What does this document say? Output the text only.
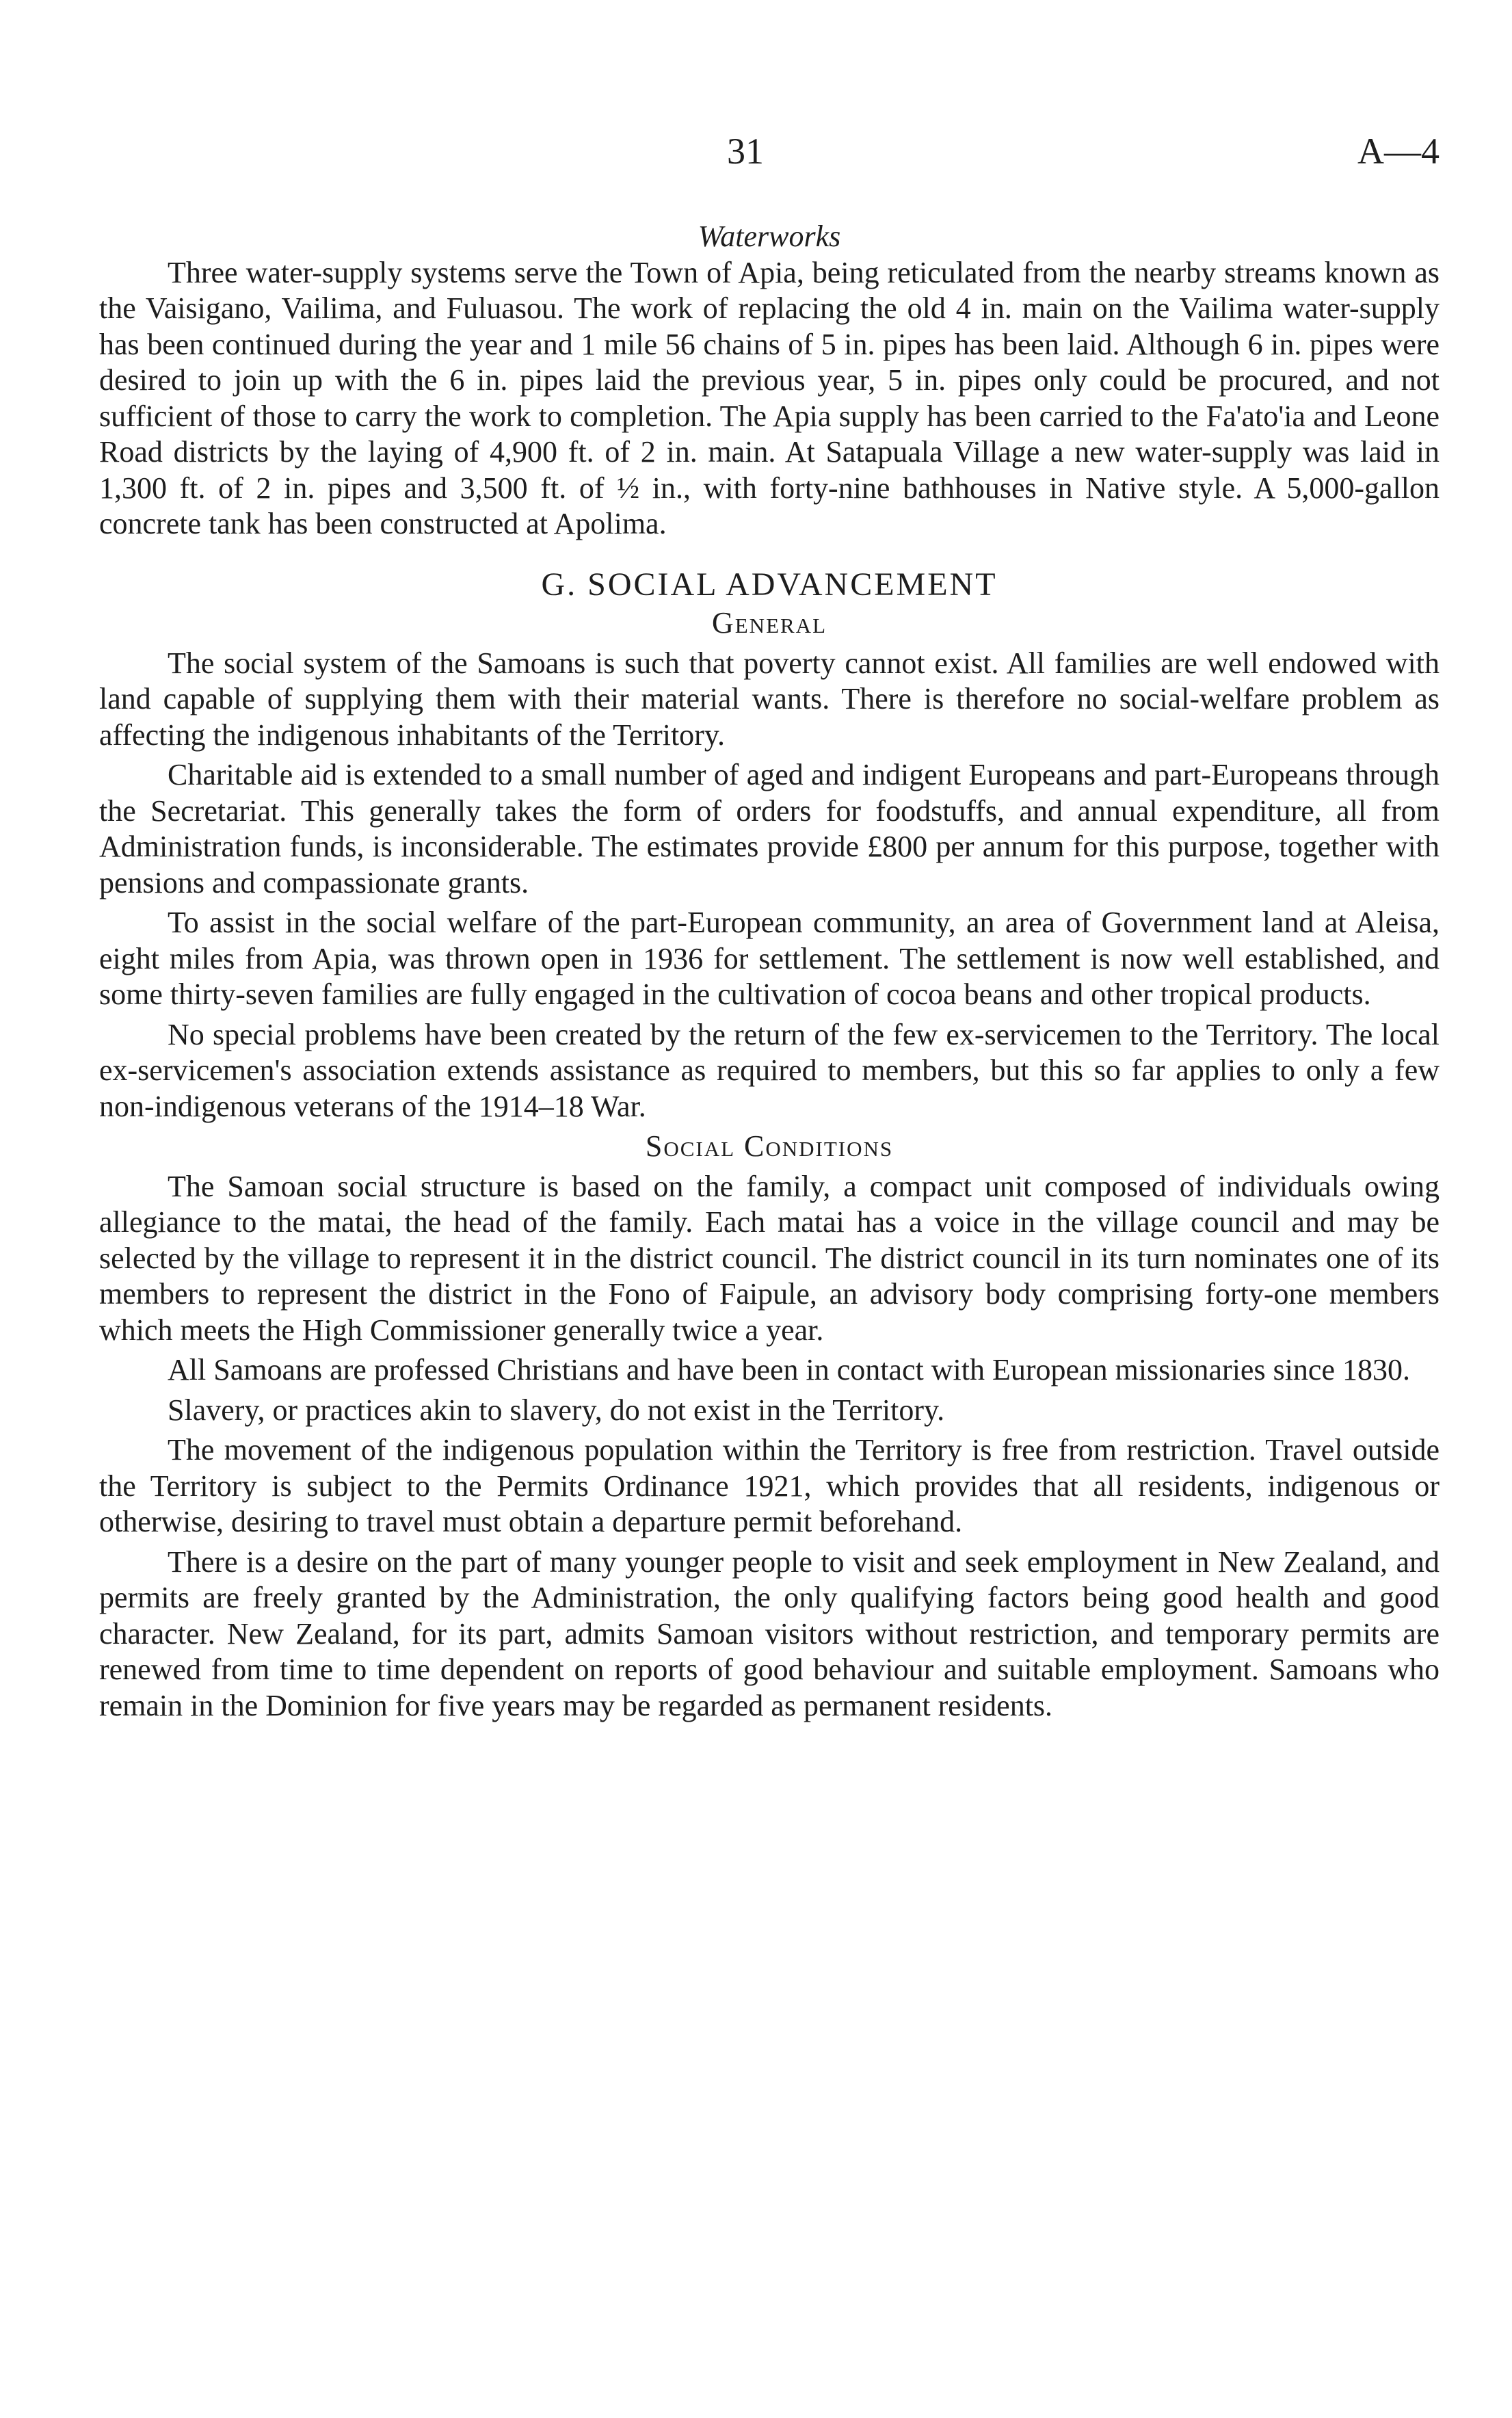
31	A—4
Waterworks

Three water-supply systems serve the Town of Apia, being reticulated from the nearby streams known as the Vaisigano, Vailima, and Fuluasou. The work of replacing the old 4 in. main on the Vailima water-supply has been continued during the year and 1 mile 56 chains of 5 in. pipes has been laid. Although 6 in. pipes were desired to join up with the 6 in. pipes laid the previous year, 5 in. pipes only could be procured, and not sufficient of those to carry the work to completion. The Apia supply has been carried to the Fa'ato'ia and Leone Road districts by the laying of 4,900 ft. of 2 in. main. At Satapuala Village a new water-supply was laid in 1,300 ft. of 2 in. pipes and 3,500 ft. of ½ in., with forty-nine bathhouses in Native style. A 5,000-gallon concrete tank has been constructed at Apolima.

G. SOCIAL ADVANCEMENT
General

The social system of the Samoans is such that poverty cannot exist. All families are well endowed with land capable of supplying them with their material wants. There is therefore no social-welfare problem as affecting the indigenous inhabitants of the Territory.

Charitable aid is extended to a small number of aged and indigent Europeans and part-Europeans through the Secretariat. This generally takes the form of orders for foodstuffs, and annual expenditure, all from Administration funds, is inconsiderable. The estimates provide £800 per annum for this purpose, together with pensions and compassionate grants.

To assist in the social welfare of the part-European community, an area of Government land at Aleisa, eight miles from Apia, was thrown open in 1936 for settlement. The settlement is now well established, and some thirty-seven families are fully engaged in the cultivation of cocoa beans and other tropical products.

No special problems have been created by the return of the few ex-servicemen to the Territory. The local ex-servicemen's association extends assistance as required to members, but this so far applies to only a few non-indigenous veterans of the 1914–18 War.

Social Conditions

The Samoan social structure is based on the family, a compact unit composed of individuals owing allegiance to the matai, the head of the family. Each matai has a voice in the village council and may be selected by the village to represent it in the district council. The district council in its turn nominates one of its members to represent the district in the Fono of Faipule, an advisory body comprising forty-one members which meets the High Commissioner generally twice a year.

All Samoans are professed Christians and have been in contact with European missionaries since 1830.

Slavery, or practices akin to slavery, do not exist in the Territory.

The movement of the indigenous population within the Territory is free from restriction. Travel outside the Territory is subject to the Permits Ordinance 1921, which provides that all residents, indigenous or otherwise, desiring to travel must obtain a departure permit beforehand.

There is a desire on the part of many younger people to visit and seek employment in New Zealand, and permits are freely granted by the Administration, the only qualifying factors being good health and good character. New Zealand, for its part, admits Samoan visitors without restriction, and temporary permits are renewed from time to time dependent on reports of good behaviour and suitable employment. Samoans who remain in the Dominion for five years may be regarded as permanent residents.
